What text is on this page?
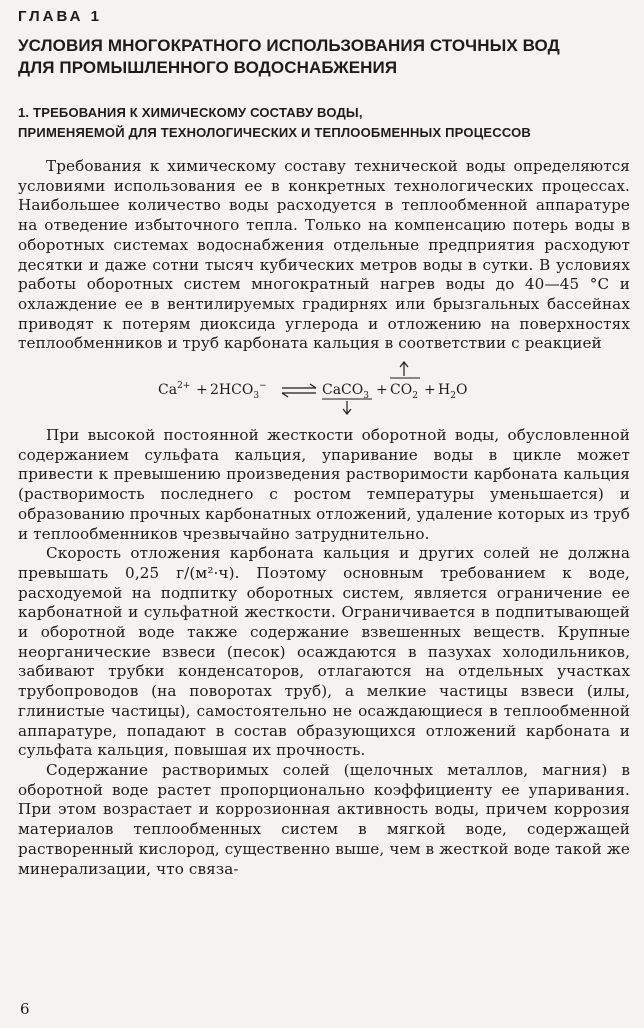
ГЛАВА 1
УСЛОВИЯ МНОГОКРАТНОГО ИСПОЛЬЗОВАНИЯ СТОЧНЫХ ВОД
ДЛЯ ПРОМЫШЛЕННОГО ВОДОСНАБЖЕНИЯ
1. ТРЕБОВАНИЯ К ХИМИЧЕСКОМУ СОСТАВУ ВОДЫ,
ПРИМЕНЯЕМОЙ ДЛЯ ТЕХНОЛОГИЧЕСКИХ И ТЕПЛООБМЕННЫХ ПРОЦЕССОВ

Требования к химическому составу технической воды определяются условиями использования ее в конкретных технологических процессах. Наибольшее количество воды расходуется в теплообменной аппаратуре на отведение избыточного тепла. Только на компенсацию потерь воды в оборотных системах водоснабжения отдельные предприятия расходуют десятки и даже сотни тысяч кубических метров воды в сутки. В условиях работы оборотных систем многократный нагрев воды до 40—45 °С и охлаждение ее в вентилируемых градирнях или брызгальных бассейнах приводят к потерям диоксида углерода и отложению на поверхностях теплообменников и труб карбоната кальция в соответствии с реакцией

$Ca^{2+} + 2HCO_3^-$	CaCO$_3$ + $CO_2 + H_2O$

При высокой постоянной жесткости оборотной воды, обусловленной содержанием сульфата кальция, упаривание воды в цикле может привести к превышению произведения растворимости карбоната кальция (растворимость последнего с ростом температуры уменьшается) и образованию прочных карбонатных отложений, удаление которых из труб и теплообменников чрезвычайно затруднительно.

Скорость отложения карбоната кальция и других солей не должна превышать 0,25 г/(м²·ч). Поэтому основным требованием к воде, расходуемой на подпитку оборотных систем, является ограничение ее карбонатной и сульфатной жесткости. Ограничивается в подпитывающей и оборотной воде также содержание взвешенных веществ. Крупные неорганические взвеси (песок) осаждаются в пазухах холодильников, забивают трубки конденсаторов, отлагаются на отдельных участках трубопроводов (на поворотах труб), а мелкие частицы взвеси (илы, глинистые частицы), самостоятельно не осаждающиеся в теплообменной аппаратуре, попадают в состав образующихся отложений карбоната и сульфата кальция, повышая их прочность.

Содержание растворимых солей (щелочных металлов, магния) в оборотной воде растет пропорционально коэффициенту ее упаривания. При этом возрастает и коррозионная активность воды, причем коррозия материалов теплообменных систем в мягкой воде, содержащей растворенный кислород, существенно выше, чем в жесткой воде такой же минерализации, что связа-

6
